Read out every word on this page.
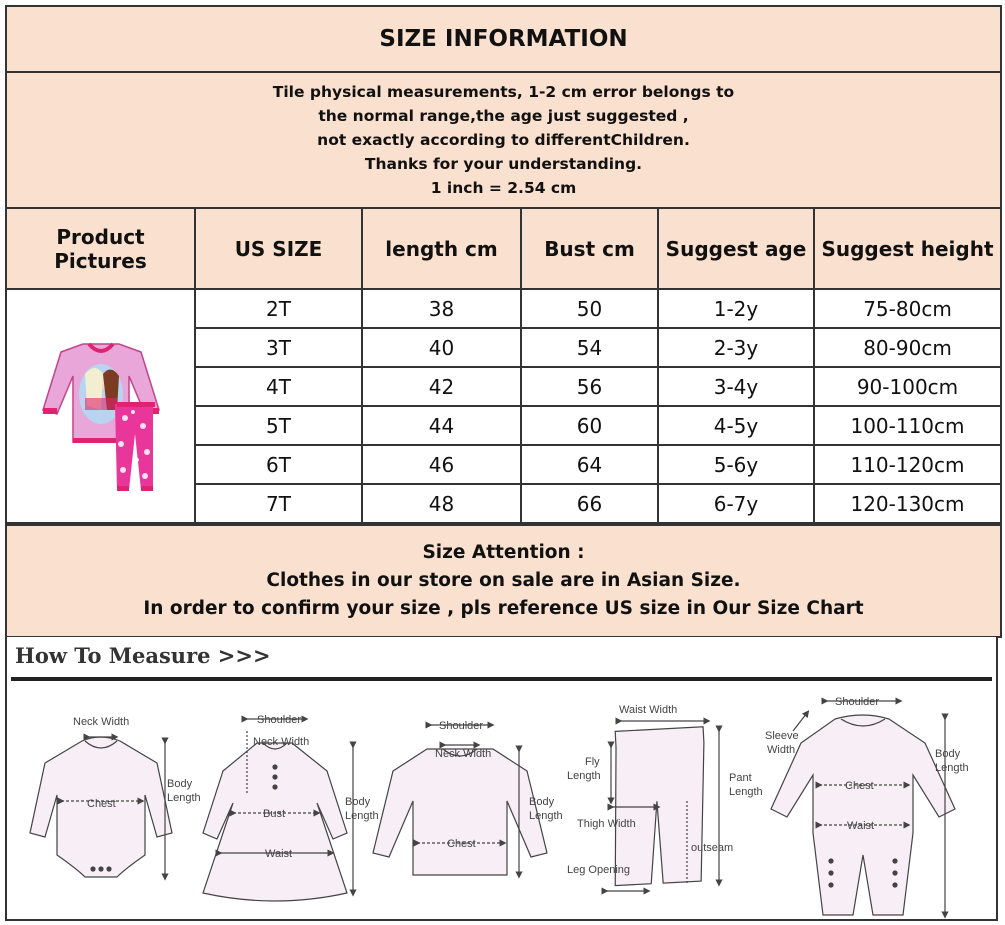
SIZE INFORMATION
Tile physical measurements, 1-2 cm error belongs to
the normal range,the age just suggested ,
not exactly according to differentChildren.
Thanks for your understanding.
1 inch = 2.54 cm
Product Pictures	US SIZE	length cm	Bust cm	Suggest age	Suggest height
	2T	38	50	1-2y	75-80cm
	3T	40	54	2-3y	80-90cm
	4T	42	56	3-4y	90-100cm
	5T	44	60	4-5y	100-110cm
	6T	46	64	5-6y	110-120cm
	7T	48	66	6-7y	120-130cm
Size Attention :
Clothes in our store on sale are in Asian Size.
In order to confirm your size , pls reference US size in Our Size Chart
How To Measure >>>
Neck Width
Chest
Body
Length
Shoulder
Neck Width
Bust
Waist
Body
Length
Shoulder
Neck Width
Chest
Body
Length
Waist Width
Fly
Length	Pant
Length
Thigh Width
outseam
Leg Opening
Shoulder
Sleeve
Width
Chest
Waist
Body
Length
